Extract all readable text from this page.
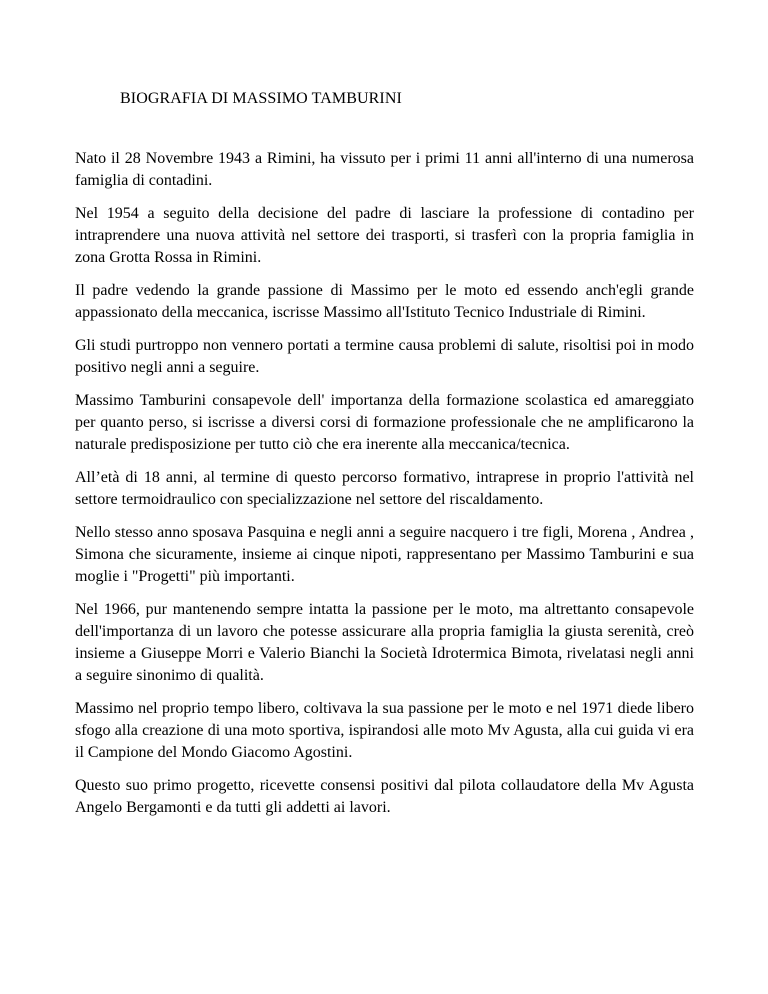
BIOGRAFIA DI MASSIMO TAMBURINI

Nato il 28 Novembre 1943 a Rimini, ha vissuto per i primi 11 anni all'interno di una numerosa famiglia di contadini.

Nel 1954 a seguito della decisione del padre di lasciare la professione di contadino per intraprendere una nuova attività nel settore dei trasporti, si trasferì con la propria famiglia in zona Grotta Rossa in Rimini.

Il padre vedendo la grande passione di Massimo per le moto ed essendo anch'egli grande appassionato della meccanica, iscrisse Massimo all'Istituto Tecnico Industriale di Rimini.

Gli studi purtroppo non vennero portati a termine causa problemi di salute, risoltisi poi in modo positivo negli anni a seguire.

Massimo Tamburini consapevole dell' importanza della formazione scolastica ed amareggiato per quanto perso, si iscrisse a diversi corsi di formazione professionale che ne amplificarono la naturale predisposizione per tutto ciò che era inerente alla meccanica/tecnica.

All’età di 18 anni, al termine di questo percorso formativo, intraprese in proprio l'attività nel settore termoidraulico con specializzazione nel settore del riscaldamento.

Nello stesso anno sposava Pasquina e negli anni a seguire nacquero i tre figli, Morena , Andrea , Simona che sicuramente, insieme ai cinque nipoti, rappresentano per Massimo Tamburini e sua moglie i "Progetti" più importanti.

Nel 1966, pur mantenendo sempre intatta la passione per le moto, ma altrettanto consapevole dell'importanza di un lavoro che potesse assicurare alla propria famiglia la giusta serenità, creò insieme a Giuseppe Morri e Valerio Bianchi la Società Idrotermica Bimota, rivelatasi negli anni a seguire sinonimo di qualità.

Massimo nel proprio tempo libero, coltivava la sua passione per le moto e nel 1971 diede libero sfogo alla creazione di una moto sportiva, ispirandosi alle moto Mv Agusta, alla cui guida vi era il Campione del Mondo Giacomo Agostini.

Questo suo primo progetto, ricevette consensi positivi dal pilota collaudatore della Mv Agusta Angelo Bergamonti e da tutti gli addetti ai lavori.
